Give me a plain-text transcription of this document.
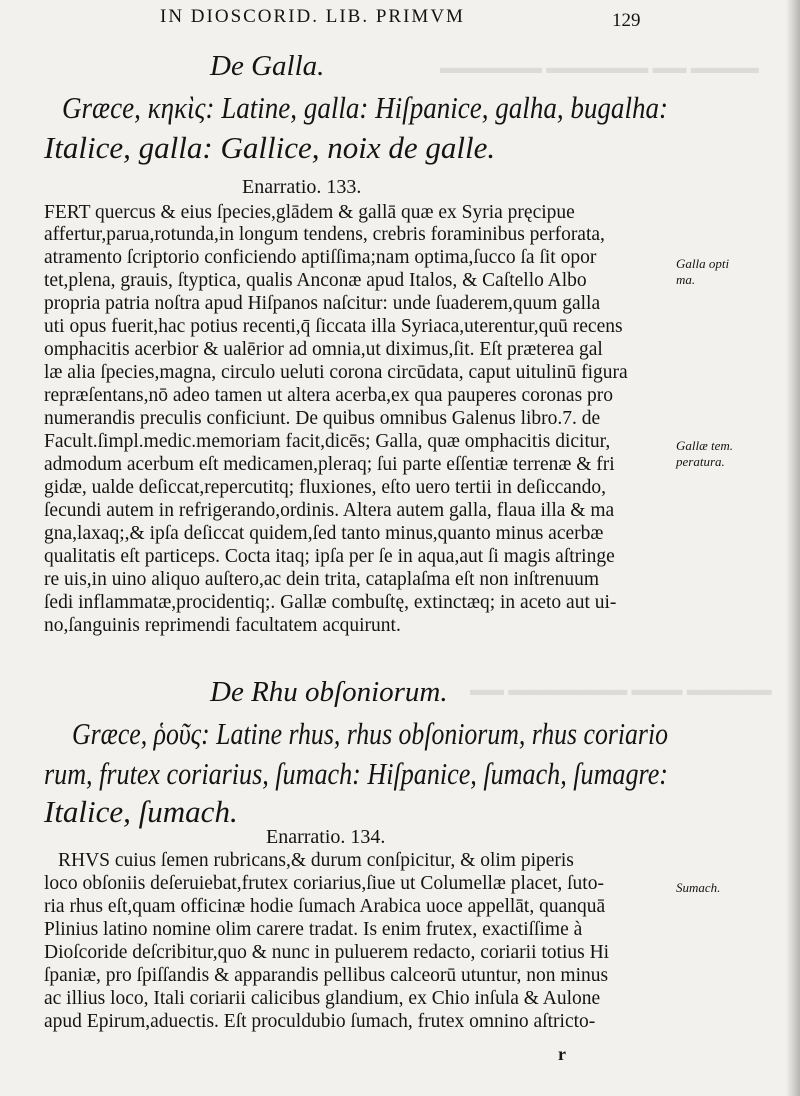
▬▬▬▬ ▬▬ ▬▬▬▬▬▬ ▬▬▬▬▬▬
▬▬▬▬▬ ▬▬▬ ▬▬▬▬▬▬▬ ▬▬
IN DIOSCORID. LIB. PRIMVM	129
De Galla.
Græce, κηκὶς: Latine, galla: Hiſpanice, galha, bugalha:
Italice, galla: Gallice, noix de galle.
Enarratio. 133.
FERT quercus & eius ſpecies,glādem & gallā quæ ex Syria pręcipue
affertur,parua,rotunda,in longum tendens, crebris foraminibus perforata,
atramento ſcriptorio conficiendo aptiſſima;nam optima,ſucco ſa ſit opor
tet,plena, grauis, ſtyptica, qualis Anconæ apud Italos, & Caſtello Albo
propria patria noſtra apud Hiſpanos naſcitur: unde ſuaderem,quum galla
uti opus fuerit,hac potius recenti,q̄ ſiccata illa Syriaca,uterentur,quū recens
omphacitis acerbior & ualērior ad omnia,ut diximus,ſit. Eſt præterea gal
læ alia ſpecies,magna, circulo ueluti corona circūdata, caput uitulinū figura
repræſentans,nō adeo tamen ut altera acerba,ex qua pauperes coronas pro
numerandis preculis conficiunt. De quibus omnibus Galenus libro.7. de
Facult.ſimpl.medic.memoriam facit,dicēs; Galla, quæ omphacitis dicitur,
admodum acerbum eſt medicamen,pleraq; ſui parte eſſentiæ terrenæ & fri
gidæ, ualde deſiccat,repercutitq; fluxiones, eſto uero tertii in deſiccando,
ſecundi autem in refrigerando,ordinis. Altera autem galla, flaua illa & ma
gna,laxaq;,& ipſa deſiccat quidem,ſed tanto minus,quanto minus acerbæ
qualitatis eſt particeps. Cocta itaq; ipſa per ſe in aqua,aut ſi magis aſtringe
re uis,in uino aliquo auſtero,ac dein trita, cataplaſma eſt non inſtrenuum
ſedi inflammatæ,procidentiq;. Gallæ combuſtę, extinctæq; in aceto aut ui-
no,ſanguinis reprimendi facultatem acquirunt.
De Rhu obſoniorum.
Græce, ῥοῦς: Latine rhus, rhus obſoniorum, rhus coriario
rum, frutex coriarius, ſumach: Hiſpanice, ſumach, ſumagre:
Italice, ſumach.
Enarratio. 134.
RHVS cuius ſemen rubricans,& durum conſpicitur, & olim piperis
loco obſoniis deſeruiebat,frutex coriarius,ſiue ut Columellæ placet, ſuto-
ria rhus eſt,quam officinæ hodie ſumach Arabica uoce appellāt, quanquā
Plinius latino nomine olim carere tradat. Is enim frutex, exactiſſime à
Dioſcoride deſcribitur,quo & nunc in puluerem redacto, coriarii totius Hi
ſpaniæ, pro ſpiſſandis & apparandis pellibus calceorū utuntur, non minus
ac illius loco, Itali coriarii calicibus glandium, ex Chio inſula & Aulone
apud Epirum,aduectis. Eſt proculdubio ſumach, frutex omnino aſtricto-
Galla opti
ma.
Gallæ tem.
peratura.
Sumach.
r
